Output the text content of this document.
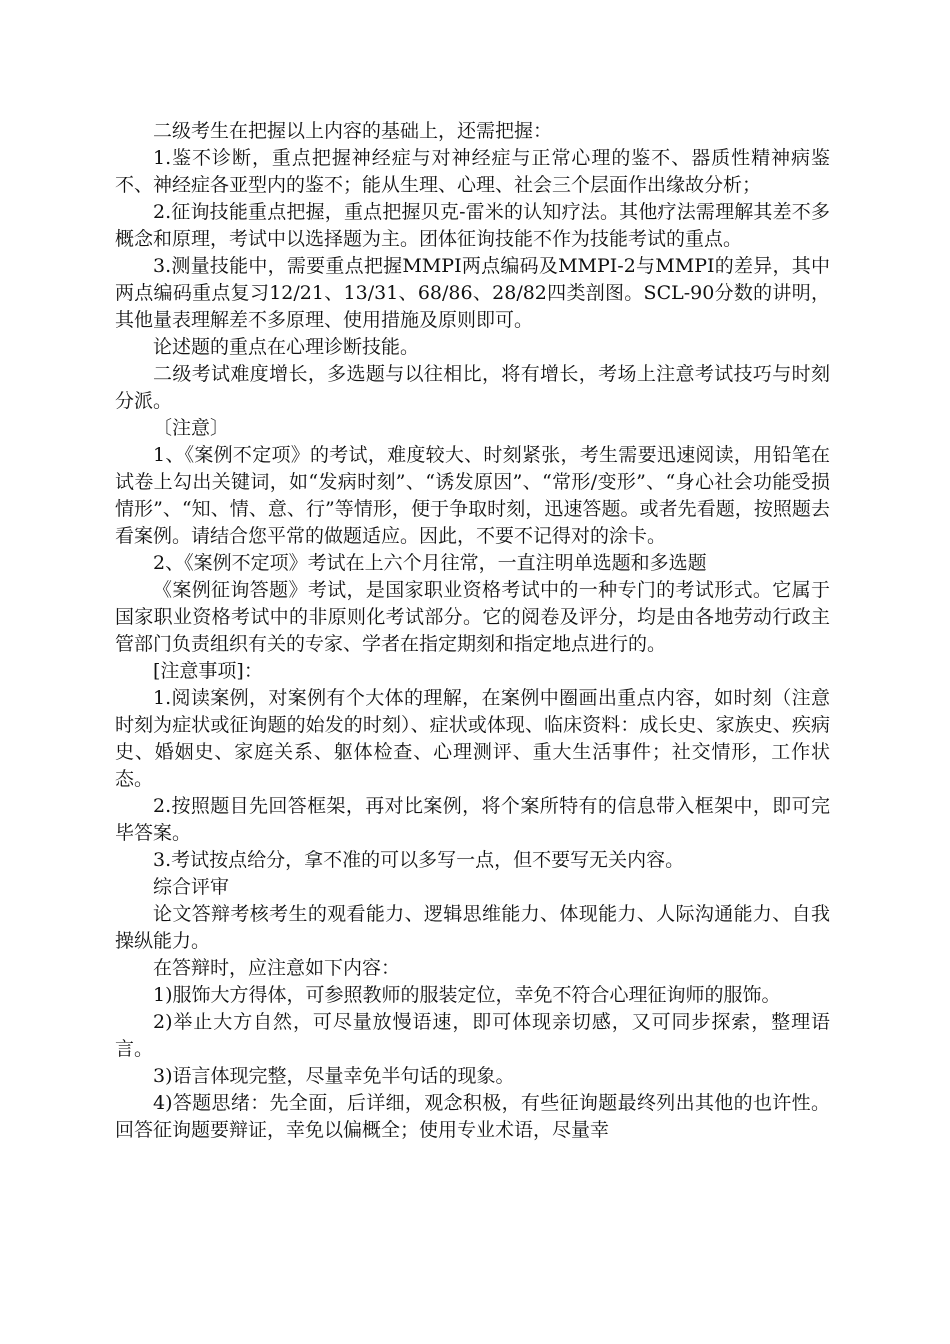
二级考生在把握以上内容的基础上，还需把握：

1.鉴不诊断，重点把握神经症与对神经症与正常心理的鉴不、器质性精神病鉴不、神经症各亚型内的鉴不；能从生理、心理、社会三个层面作出缘故分析；

2.征询技能重点把握，重点把握贝克-雷米的认知疗法。其他疗法需理解其差不多概念和原理，考试中以选择题为主。团体征询技能不作为技能考试的重点。

3.测量技能中，需要重点把握MMPI两点编码及MMPI-2与MMPI的差异，其中两点编码重点复习12/21、13/31、68/86、28/82四类剖图。SCL-90分数的讲明，其他量表理解差不多原理、使用措施及原则即可。

论述题的重点在心理诊断技能。

二级考试难度增长，多选题与以往相比，将有增长，考场上注意考试技巧与时刻分派。

〔注意〕

1、《案例不定项》的考试，难度较大、时刻紧张，考生需要迅速阅读，用铅笔在试卷上勾出关键词，如“发病时刻”、“诱发原因”、“常形/变形”、“身心社会功能受损情形”、“知、情、意、行”等情形，便于争取时刻，迅速答题。或者先看题，按照题去看案例。请结合您平常的做题适应。因此，不要不记得对的涂卡。

2、《案例不定项》考试在上六个月往常，一直注明单选题和多选题

《案例征询答题》考试，是国家职业资格考试中的一种专门的考试形式。它属于国家职业资格考试中的非原则化考试部分。它的阅卷及评分，均是由各地劳动行政主管部门负责组织有关的专家、学者在指定期刻和指定地点进行的。

[注意事项]：

1.阅读案例，对案例有个大体的理解，在案例中圈画出重点内容，如时刻（注意时刻为症状或征询题的始发的时刻）、症状或体现、临床资料：成长史、家族史、疾病史、婚姻史、家庭关系、躯体检查、心理测评、重大生活事件；社交情形，工作状态。

2.按照题目先回答框架，再对比案例，将个案所特有的信息带入框架中，即可完毕答案。

3.考试按点给分，拿不准的可以多写一点，但不要写无关内容。

综合评审

论文答辩考核考生的观看能力、逻辑思维能力、体现能力、人际沟通能力、自我操纵能力。

在答辩时，应注意如下内容：

1)服饰大方得体，可参照教师的服装定位，幸免不符合心理征询师的服饰。

2)举止大方自然，可尽量放慢语速，即可体现亲切感，又可同步探索，整理语言。

3)语言体现完整，尽量幸免半句话的现象。

4)答题思绪：先全面，后详细，观念积极，有些征询题最终列出其他的也许性。回答征询题要辩证，幸免以偏概全；使用专业术语，尽量幸
